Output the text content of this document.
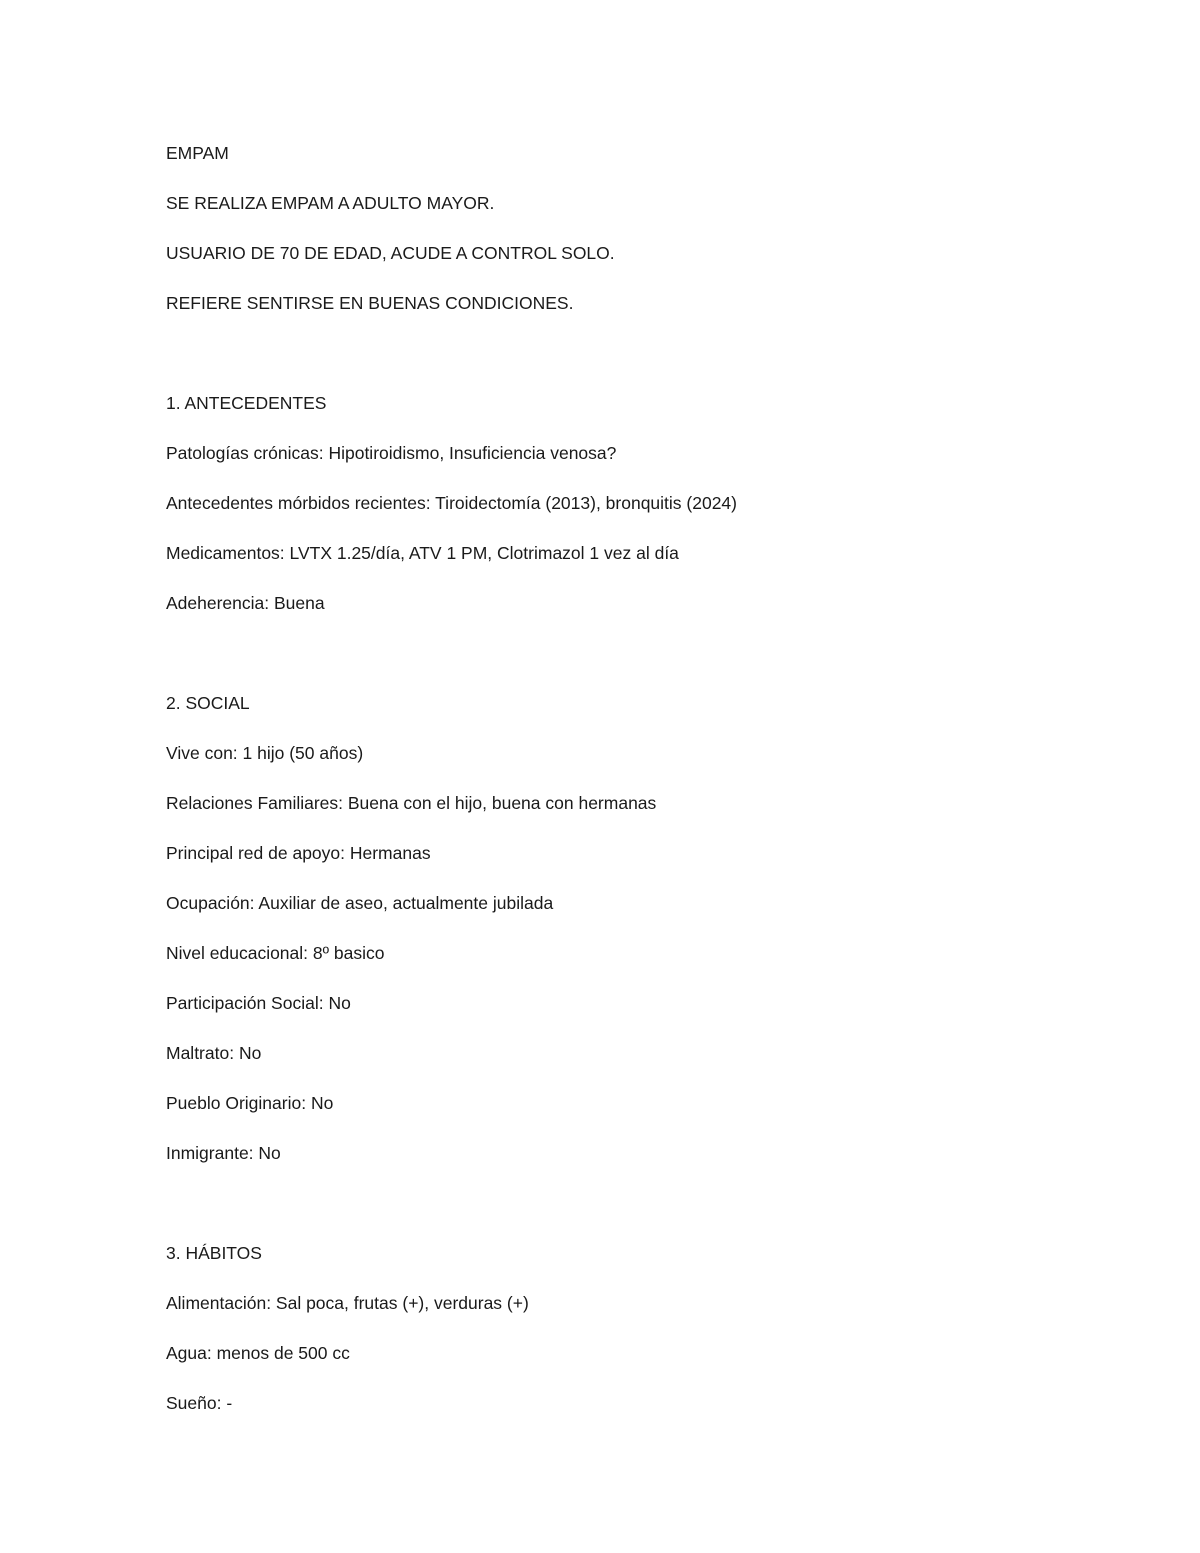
EMPAM
SE REALIZA EMPAM A ADULTO MAYOR.
USUARIO DE 70 DE EDAD, ACUDE A CONTROL SOLO.
REFIERE SENTIRSE EN BUENAS CONDICIONES.
1. ANTECEDENTES
Patologías crónicas: Hipotiroidismo, Insuficiencia venosa?
Antecedentes mórbidos recientes: Tiroidectomía (2013), bronquitis (2024)
Medicamentos: LVTX 1.25/día, ATV 1 PM, Clotrimazol 1 vez al día
Adeherencia: Buena
2. SOCIAL
Vive con: 1 hijo (50 años)
Relaciones Familiares: Buena con el hijo, buena con hermanas
Principal red de apoyo: Hermanas
Ocupación: Auxiliar de aseo, actualmente jubilada
Nivel educacional: 8º basico
Participación Social: No
Maltrato: No
Pueblo Originario: No
Inmigrante: No
3. HÁBITOS
Alimentación: Sal poca, frutas (+), verduras (+)
Agua: menos de 500 cc
Sueño: -
